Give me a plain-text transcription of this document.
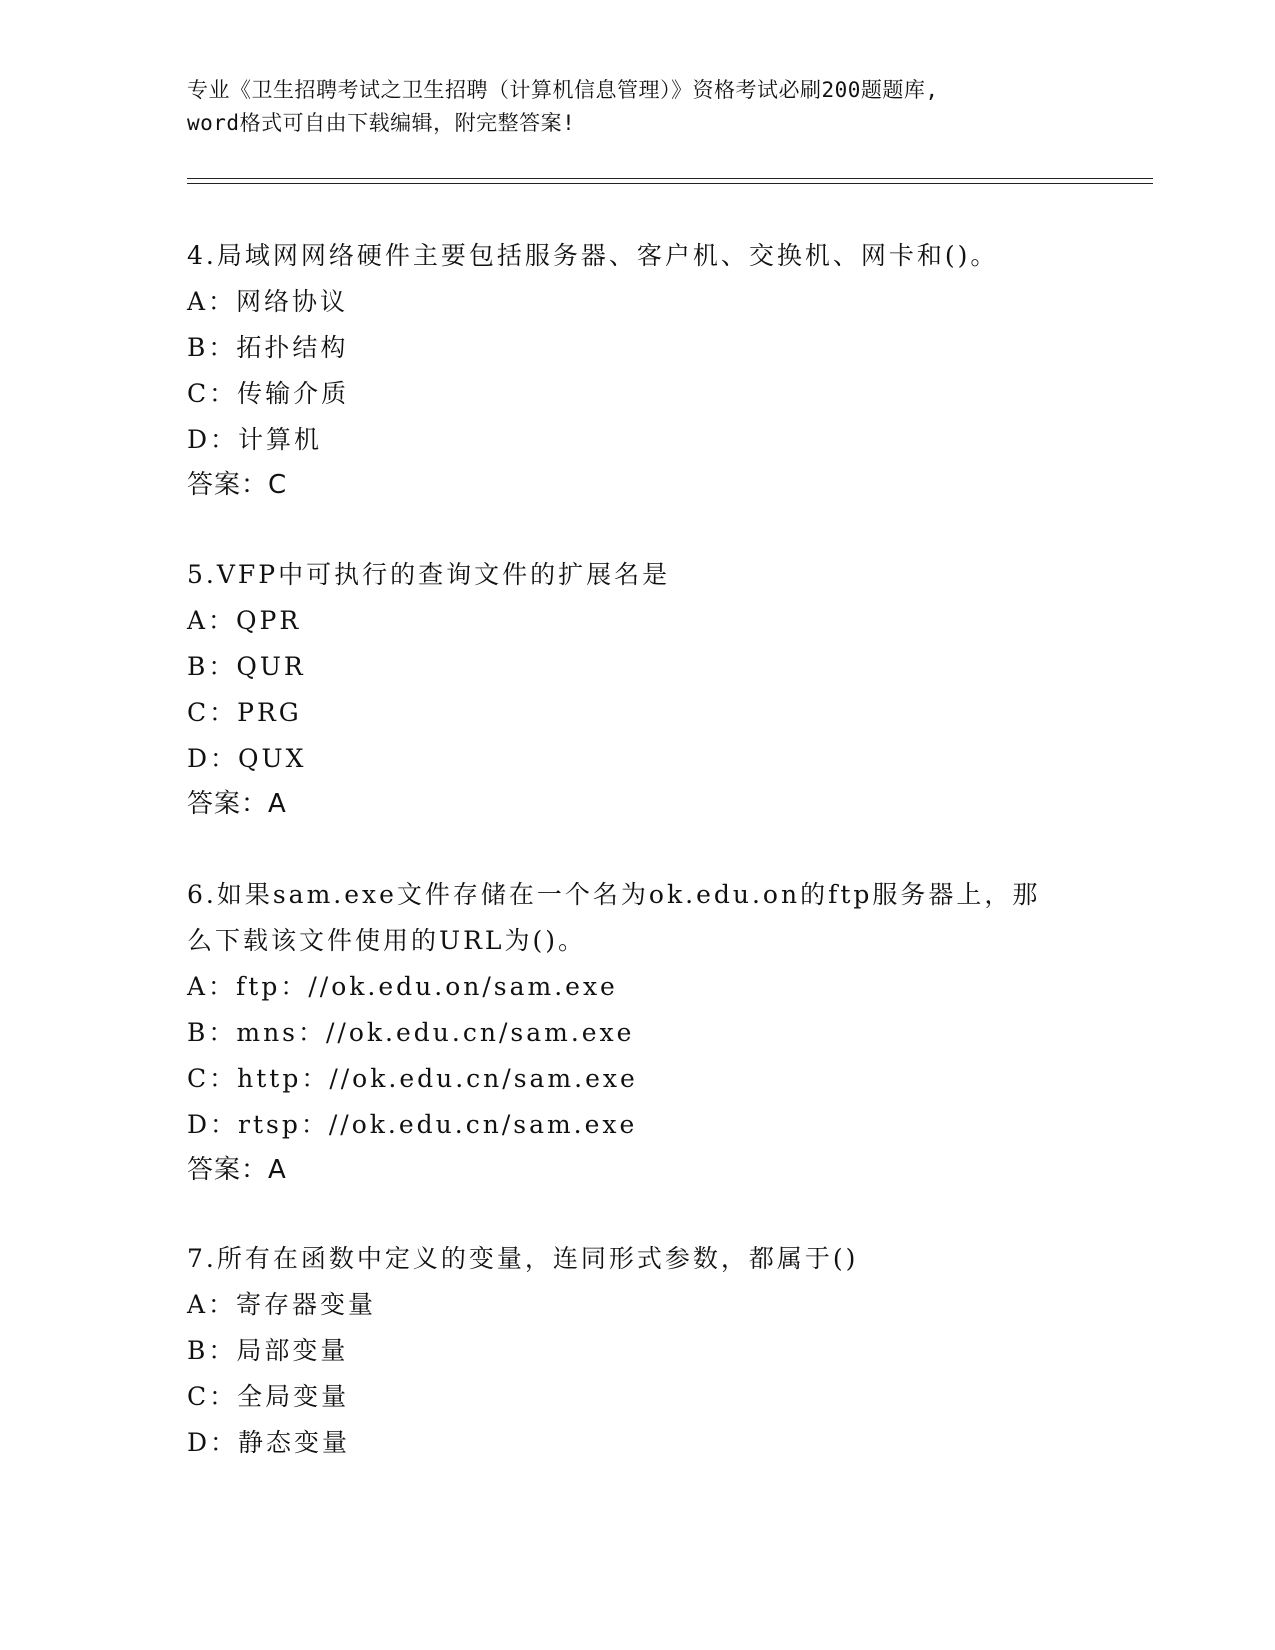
专业《卫生招聘考试之卫生招聘（计算机信息管理）》资格考试必刷200题题库,
word格式可自由下载编辑，附完整答案!
4.局域网网络硬件主要包括服务器、客户机、交换机、网卡和()。
A：网络协议
B：拓扑结构
C：传输介质
D：计算机
答案：C
5.VFP中可执行的查询文件的扩展名是
A：QPR
B：QUR
C：PRG
D：QUX
答案：A
6.如果sam.exe文件存储在一个名为ok.edu.on的ftp服务器上，那
么下载该文件使用的URL为()。
A：ftp：//ok.edu.on/sam.exe
B：mns：//ok.edu.cn/sam.exe
C：http：//ok.edu.cn/sam.exe
D：rtsp：//ok.edu.cn/sam.exe
答案：A
7.所有在函数中定义的变量，连同形式参数，都属于()
A：寄存器变量
B：局部变量
C：全局变量
D：静态变量
